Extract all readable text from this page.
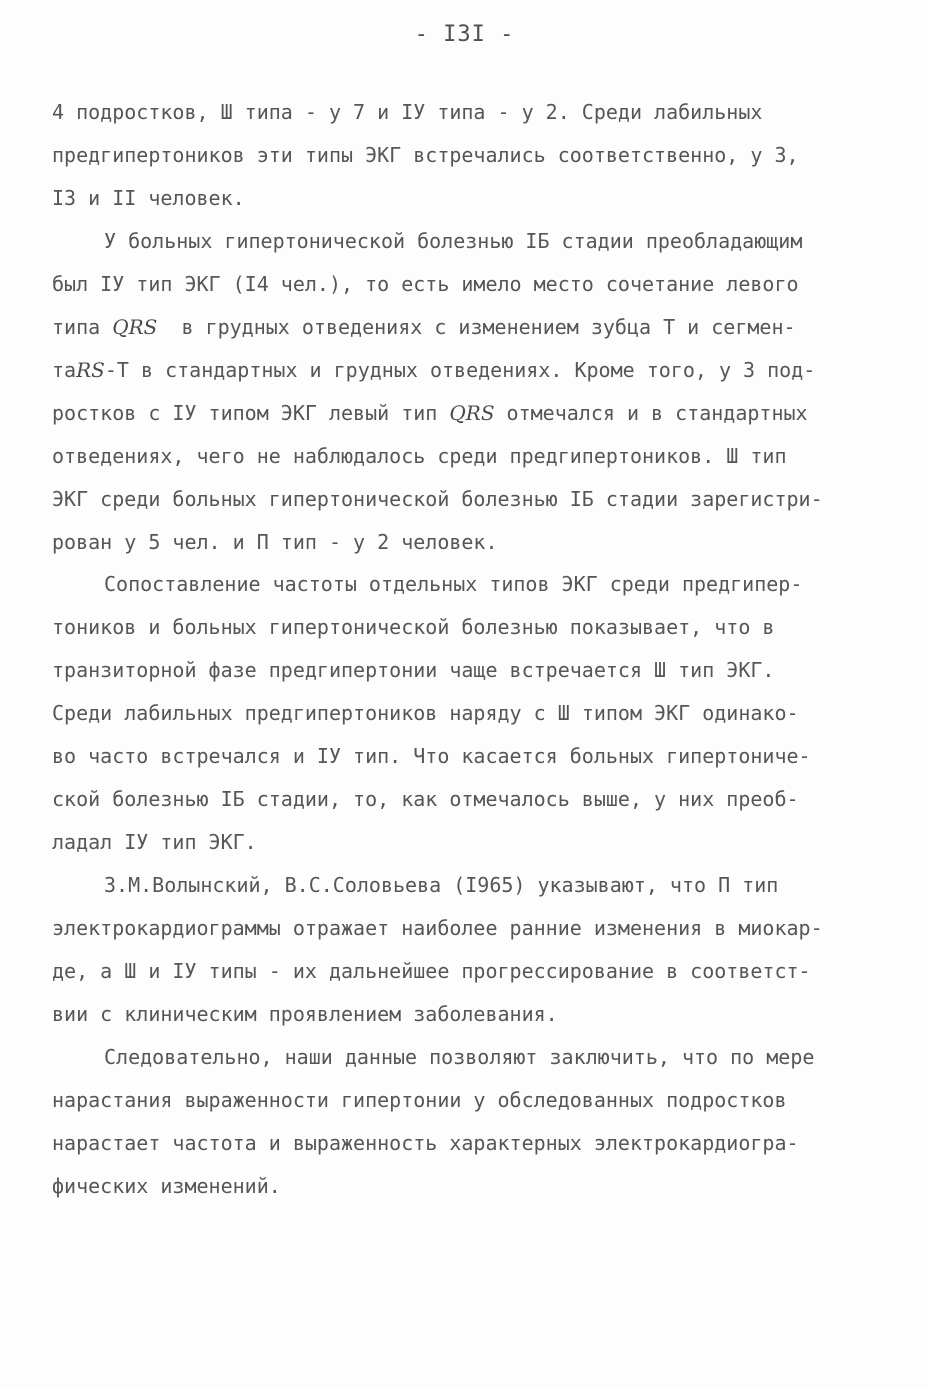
- I3I -
4 подростков, Ш типа - у 7 и IУ типа - у 2. Среди лабильных
предгипертоников эти типы ЭКГ встречались соответственно, у 3,
I3 и II человек.
У больных гипертонической болезнью IБ стадии преобладающим
был IУ тип ЭКГ (I4 чел.), то есть имело место сочетание левого
типа QRS  в грудных отведениях с изменением зубца Т и сегмен-
таRS-T в стандартных и грудных отведениях. Кроме того, у 3 под-
ростков с IУ типом ЭКГ левый тип QRS отмечался и в стандартных
отведениях, чего не наблюдалось среди предгипертоников. Ш тип
ЭКГ среди больных гипертонической болезнью IБ стадии зарегистри-
рован у 5 чел. и П тип - у 2 человек.
Сопоставление частоты отдельных типов ЭКГ среди предгипер-
тоников и больных гипертонической болезнью показывает, что в
транзиторной фазе предгипертонии чаще встречается Ш тип ЭКГ.
Среди лабильных предгипертоников наряду с Ш типом ЭКГ одинако-
во часто встречался и IУ тип. Что касается больных гипертониче-
ской болезнью IБ стадии, то, как отмечалось выше, у них преоб-
ладал IУ тип ЭКГ.
З.М.Волынский, В.С.Соловьева (I965) указывают, что П тип
электрокардиограммы отражает наиболее ранние изменения в миокар-
де, а Ш и IУ типы - их дальнейшее прогрессирование в соответст-
вии с клиническим проявлением заболевания.
Следовательно, наши данные позволяют заключить, что по мере
нарастания выраженности гипертонии у обследованных подростков
нарастает частота и выраженность характерных электрокардиогра-
фических изменений.
